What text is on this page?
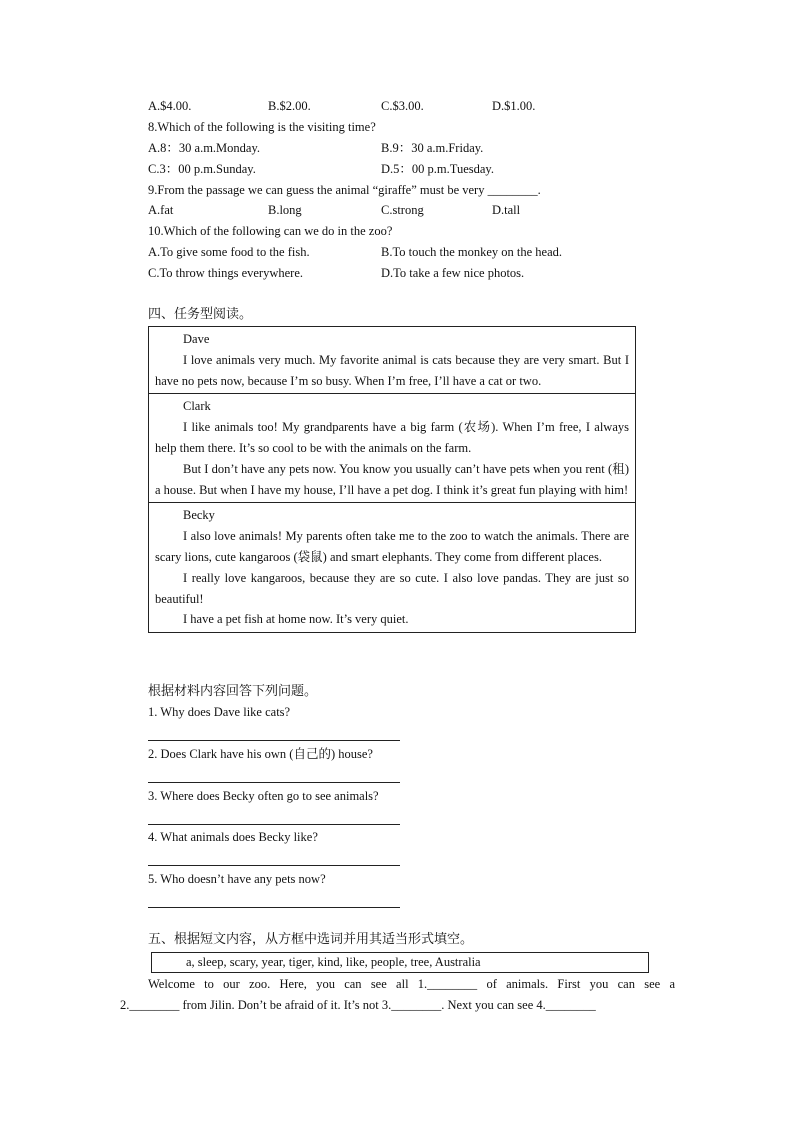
A.$4.00.	B.$2.00.	C.$3.00.	D.$1.00.
8.Which of the following is the visiting time?
A.8：30 a.m.Monday.	B.9：30 a.m.Friday.
C.3：00 p.m.Sunday.	D.5：00 p.m.Tuesday.
9.From the passage we can guess the animal “giraffe” must be very ________.
A.fat	B.long	C.strong	D.tall
10.Which of the following can we do in the zoo?
A.To give some food to the fish.	B.To touch the monkey on the head.
C.To throw things everywhere.	D.To take a few nice photos.
四、任务型阅读。

Dave

I love animals very much. My favorite animal is cats because they are very smart. But I have no pets now, because I’m so busy. When I’m free, I’ll have a cat or two.

Clark

I like animals too! My grandparents have a big farm (农场). When I’m free, I always help them there. It’s so cool to be with the animals on the farm.

But I don’t have any pets now. You know you usually can’t have pets when you rent (租) a house. But when I have my house, I’ll have a pet dog. I think it’s great fun playing with him!

Becky

I also love animals! My parents often take me to the zoo to watch the animals. There are scary lions, cute kangaroos (袋鼠) and smart elephants. They come from different places.

I really love kangaroos, because they are so cute. I also love pandas. They are just so beautiful!

I have a pet fish at home now. It’s very quiet.

根据材料内容回答下列问题。
1. Why does Dave like cats?
2. Does Clark have his own (自己的) house?
3. Where does Becky often go to see animals?
4. What animals does Becky like?
5. Who doesn’t have any pets now?
五、根据短文内容，从方框中选词并用其适当形式填空。
a, sleep, scary, year, tiger, kind, like, people, tree, Australia
Welcome to our zoo. Here, you can see all 1.________ of animals. First you can see a
2.________ from Jilin. Don’t be afraid of it. It’s not 3.________. Next you can see 4.________
